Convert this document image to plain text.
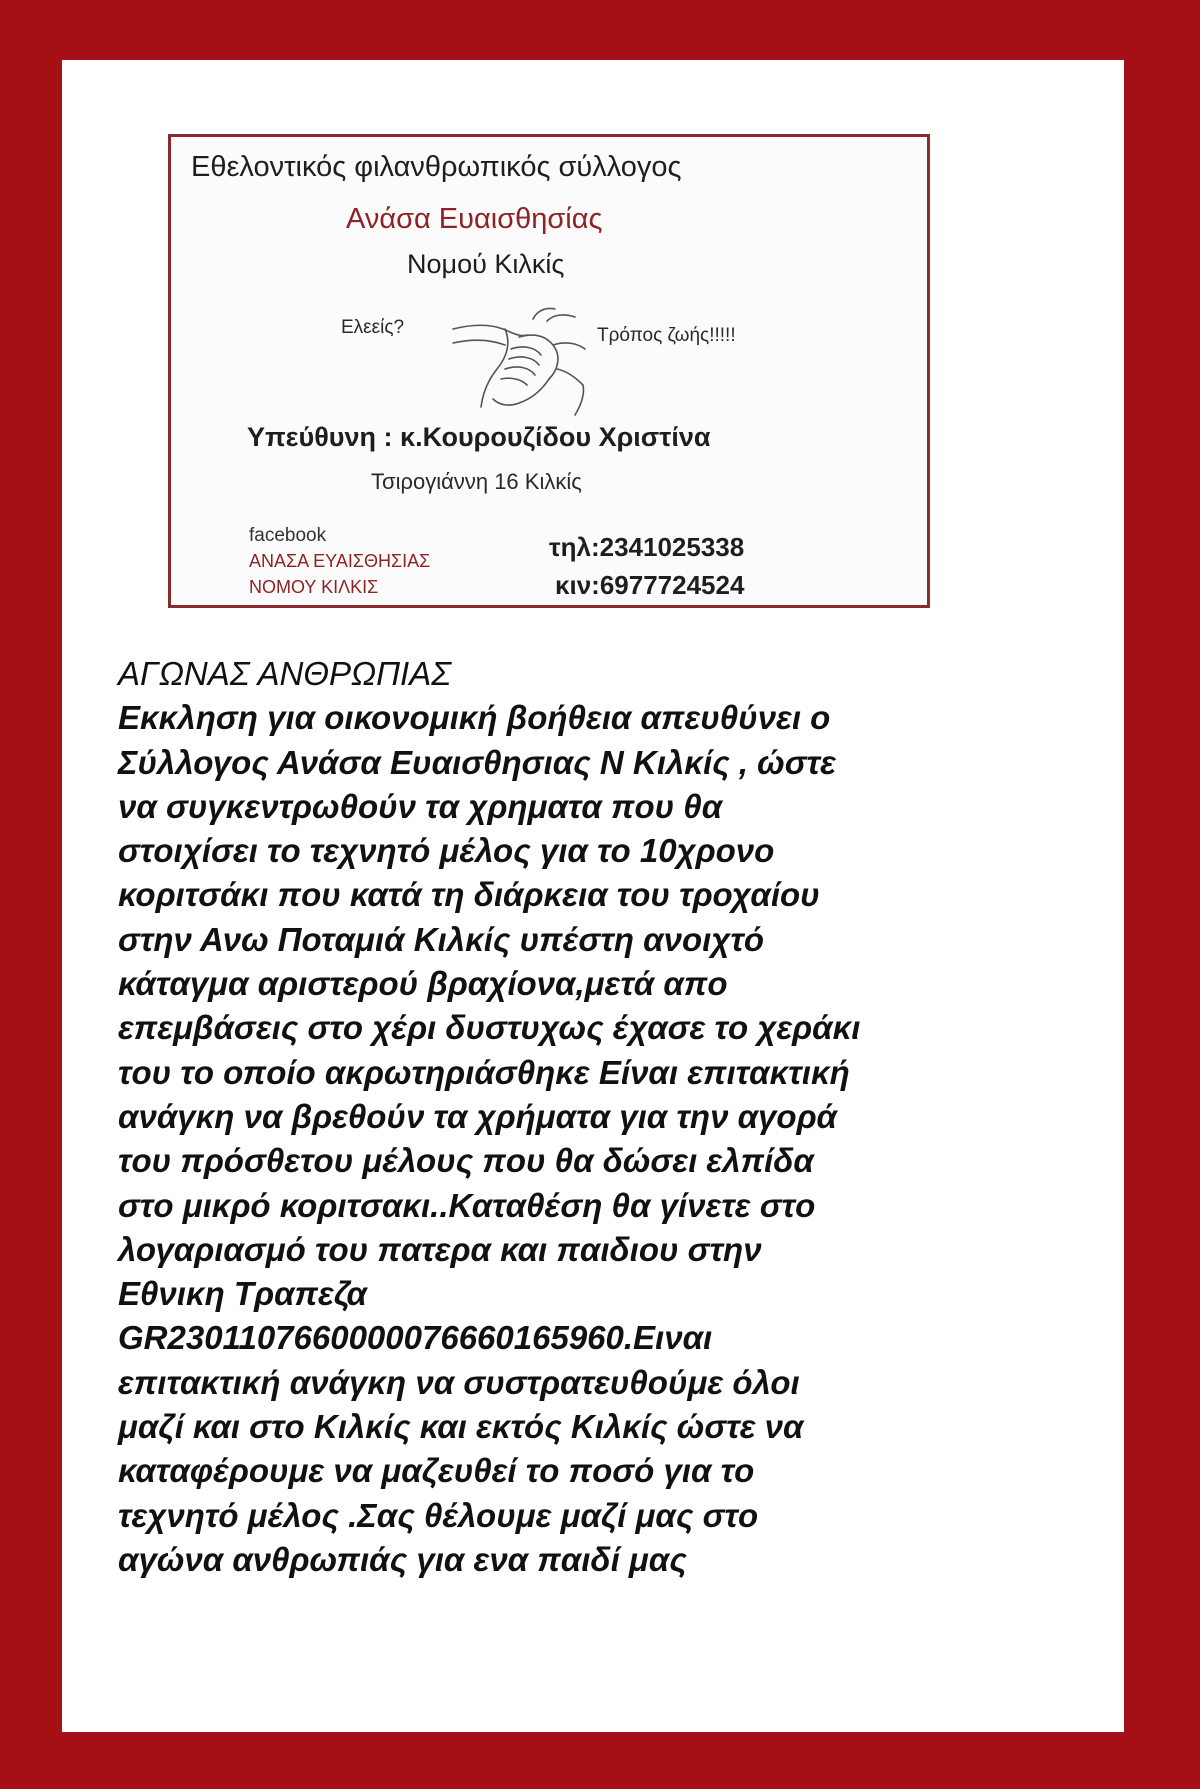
Εθελοντικός φιλανθρωπικός σύλλογος
Ανάσα Ευαισθησίας
Νομού Κιλκίς
Ελεείς?	Τρόπος ζωής!!!!!
Υπεύθυνη : κ.Κουρουζίδου Χριστίνα
Τσιρογιάννη 16 Κιλκίς
facebook
ΑΝΑΣΑ ΕΥΑΙΣΘΗΣΙΑΣ
ΝΟΜΟΥ ΚΙΛΚΙΣ
τηλ:2341025338
κιν:6977724524
ΑΓΩΝΑΣ ΑΝΘΡΩΠΙΑΣ
Εκκληση για οικονομική βοήθεια απευθύνει ο
Σύλλογος Ανάσα Ευαισθησιας Ν Κιλκίς , ώστε
να συγκεντρωθούν τα χρηματα που θα
στοιχίσει το τεχνητό μέλος για το 10χρονο
κοριτσάκι που κατά τη διάρκεια του τροχαίου
στην Ανω Ποταμιά Κιλκίς υπέστη ανοιχτό
κάταγμα αριστερού βραχίονα,μετά απο
επεμβάσεις στο χέρι δυστυχως έχασε το χεράκι
του το οποίο ακρωτηριάσθηκε Είναι επιτακτική
ανάγκη να βρεθούν τα χρήματα για την αγορά
του πρόσθετου μέλους που θα δώσει ελπίδα
στο μικρό κοριτσακι..Καταθέση θα γίνετε στο
λογαριασμό του πατερα και παιδιου στην
Εθνικη Τραπεζα
GR2301107660000076660165960.Ειναι
επιτακτική ανάγκη να συστρατευθούμε όλοι
μαζί και στο Κιλκίς και εκτός Κιλκίς ώστε να
καταφέρουμε να μαζευθεί το ποσό για το
τεχνητό μέλος .Σας θέλουμε μαζί μας στο
αγώνα ανθρωπιάς για ενα παιδί μας
